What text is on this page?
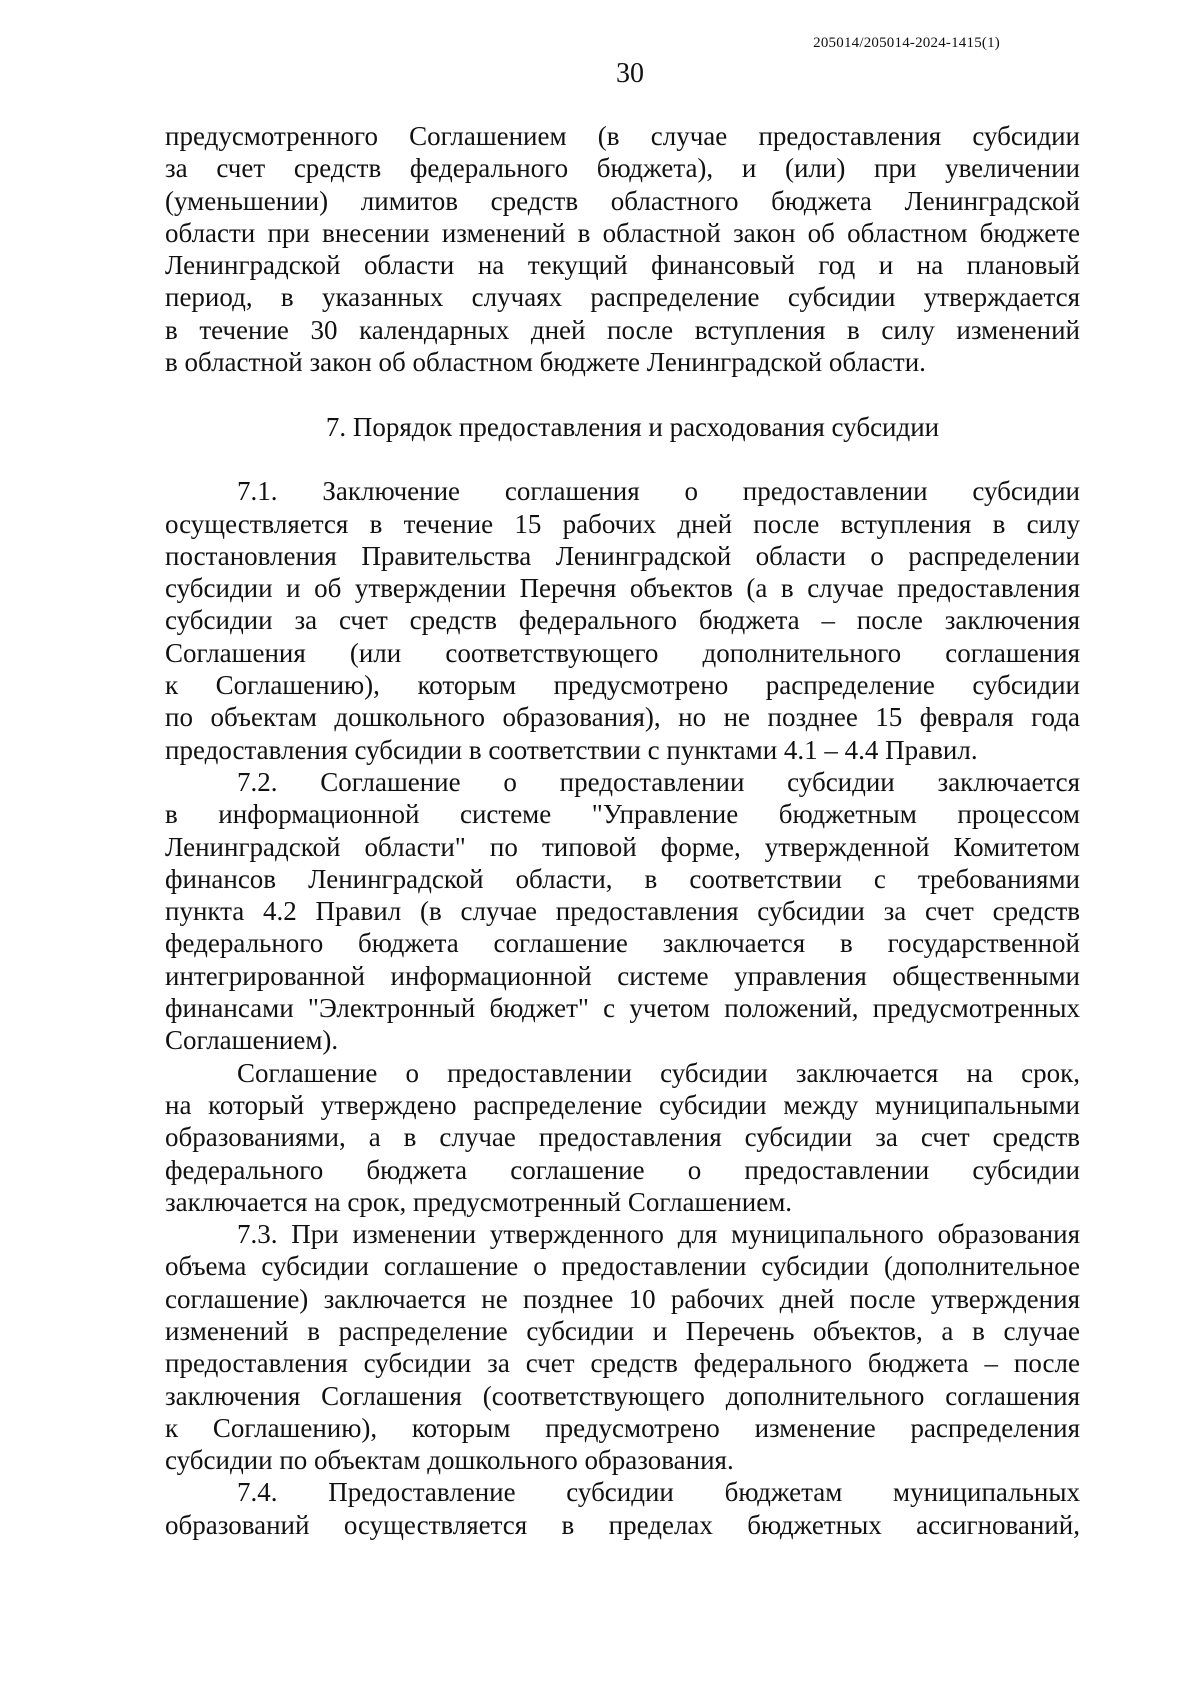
205014/205014-2024-1415(1)
30

предусмотренного Соглашением (в случае предоставления субсидии
за счет средств федерального бюджета), и (или) при увеличении
(уменьшении) лимитов средств областного бюджета Ленинградской
области при внесении изменений в областной закон об областном бюджете
Ленинградской области на текущий финансовый год и на плановый
период, в указанных случаях распределение субсидии утверждается
в течение 30 календарных дней после вступления в силу изменений
в областной закон об областном бюджете Ленинградской области.

7. Порядок предоставления и расходования субсидии

7.1. Заключение соглашения о предоставлении субсидии
осуществляется в течение 15 рабочих дней после вступления в силу
постановления Правительства Ленинградской области о распределении
субсидии и об утверждении Перечня объектов (а в случае предоставления
субсидии за счет средств федерального бюджета – после заключения
Соглашения (или соответствующего дополнительного соглашения
к Соглашению), которым предусмотрено распределение субсидии
по объектам дошкольного образования), но не позднее 15 февраля года
предоставления субсидии в соответствии с пунктами 4.1 – 4.4 Правил.

7.2. Соглашение о предоставлении субсидии заключается
в информационной системе "Управление бюджетным процессом
Ленинградской области" по типовой форме, утвержденной Комитетом
финансов Ленинградской области, в соответствии с требованиями
пункта 4.2 Правил (в случае предоставления субсидии за счет средств
федерального бюджета соглашение заключается в государственной
интегрированной информационной системе управления общественными
финансами "Электронный бюджет" с учетом положений, предусмотренных
Соглашением).

Соглашение о предоставлении субсидии заключается на срок,
на который утверждено распределение субсидии между муниципальными
образованиями, а в случае предоставления субсидии за счет средств
федерального бюджета соглашение о предоставлении субсидии
заключается на срок, предусмотренный Соглашением.

7.3. При изменении утвержденного для муниципального образования
объема субсидии соглашение о предоставлении субсидии (дополнительное
соглашение) заключается не позднее 10 рабочих дней после утверждения
изменений в распределение субсидии и Перечень объектов, а в случае
предоставления субсидии за счет средств федерального бюджета – после
заключения Соглашения (соответствующего дополнительного соглашения
к Соглашению), которым предусмотрено изменение распределения
субсидии по объектам дошкольного образования.

7.4. Предоставление субсидии бюджетам муниципальных
образований осуществляется в пределах бюджетных ассигнований,
